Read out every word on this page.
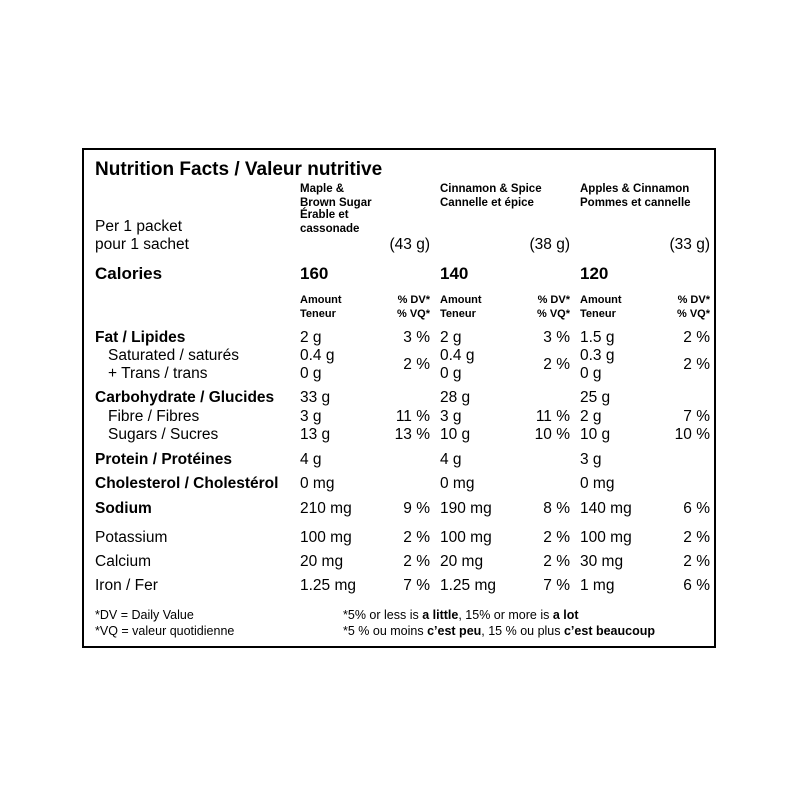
Nutrition Facts / Valeur nutritive
Per 1 packet
pour 1 sachet
Calories
Fat / Lipides
Saturated / saturés
+ Trans / trans
Carbohydrate / Glucides
Fibre / Fibres
Sugars / Sucres
Protein / Protéines
Cholesterol / Cholestérol
Sodium
Potassium
Calcium
Iron / Fer
*DV = Daily Value
*VQ = valeur quotidienne
*5% or less is a little, 15% or more is a lot
*5 % ou moins c’est peu, 15 % ou plus c’est beaucoup
Maple &
Brown Sugar
Érable et
cassonade
(43 g)
160
Amount
Teneur
% DV*
% VQ*
2 g
0.4 g
0 g
33 g
3 g
13 g
4 g
0 mg
210 mg
100 mg
20 mg
1.25 mg
3 %
11 %
13 %
9 %
2 %
2 %
7 %
2 %
Cinnamon & Spice
Cannelle et épice
(38 g)
140
Amount
Teneur
% DV*
% VQ*
2 g
0.4 g
0 g
28 g
3 g
10 g
4 g
0 mg
190 mg
100 mg
20 mg
1.25 mg
3 %
11 %
10 %
8 %
2 %
2 %
7 %
2 %
Apples & Cinnamon
Pommes et cannelle
(33 g)
120
Amount
Teneur
% DV*
% VQ*
1.5 g
0.3 g
0 g
25 g
2 g
10 g
3 g
0 mg
140 mg
100 mg
30 mg
1 mg
2 %
7 %
10 %
6 %
2 %
2 %
6 %
2 %
